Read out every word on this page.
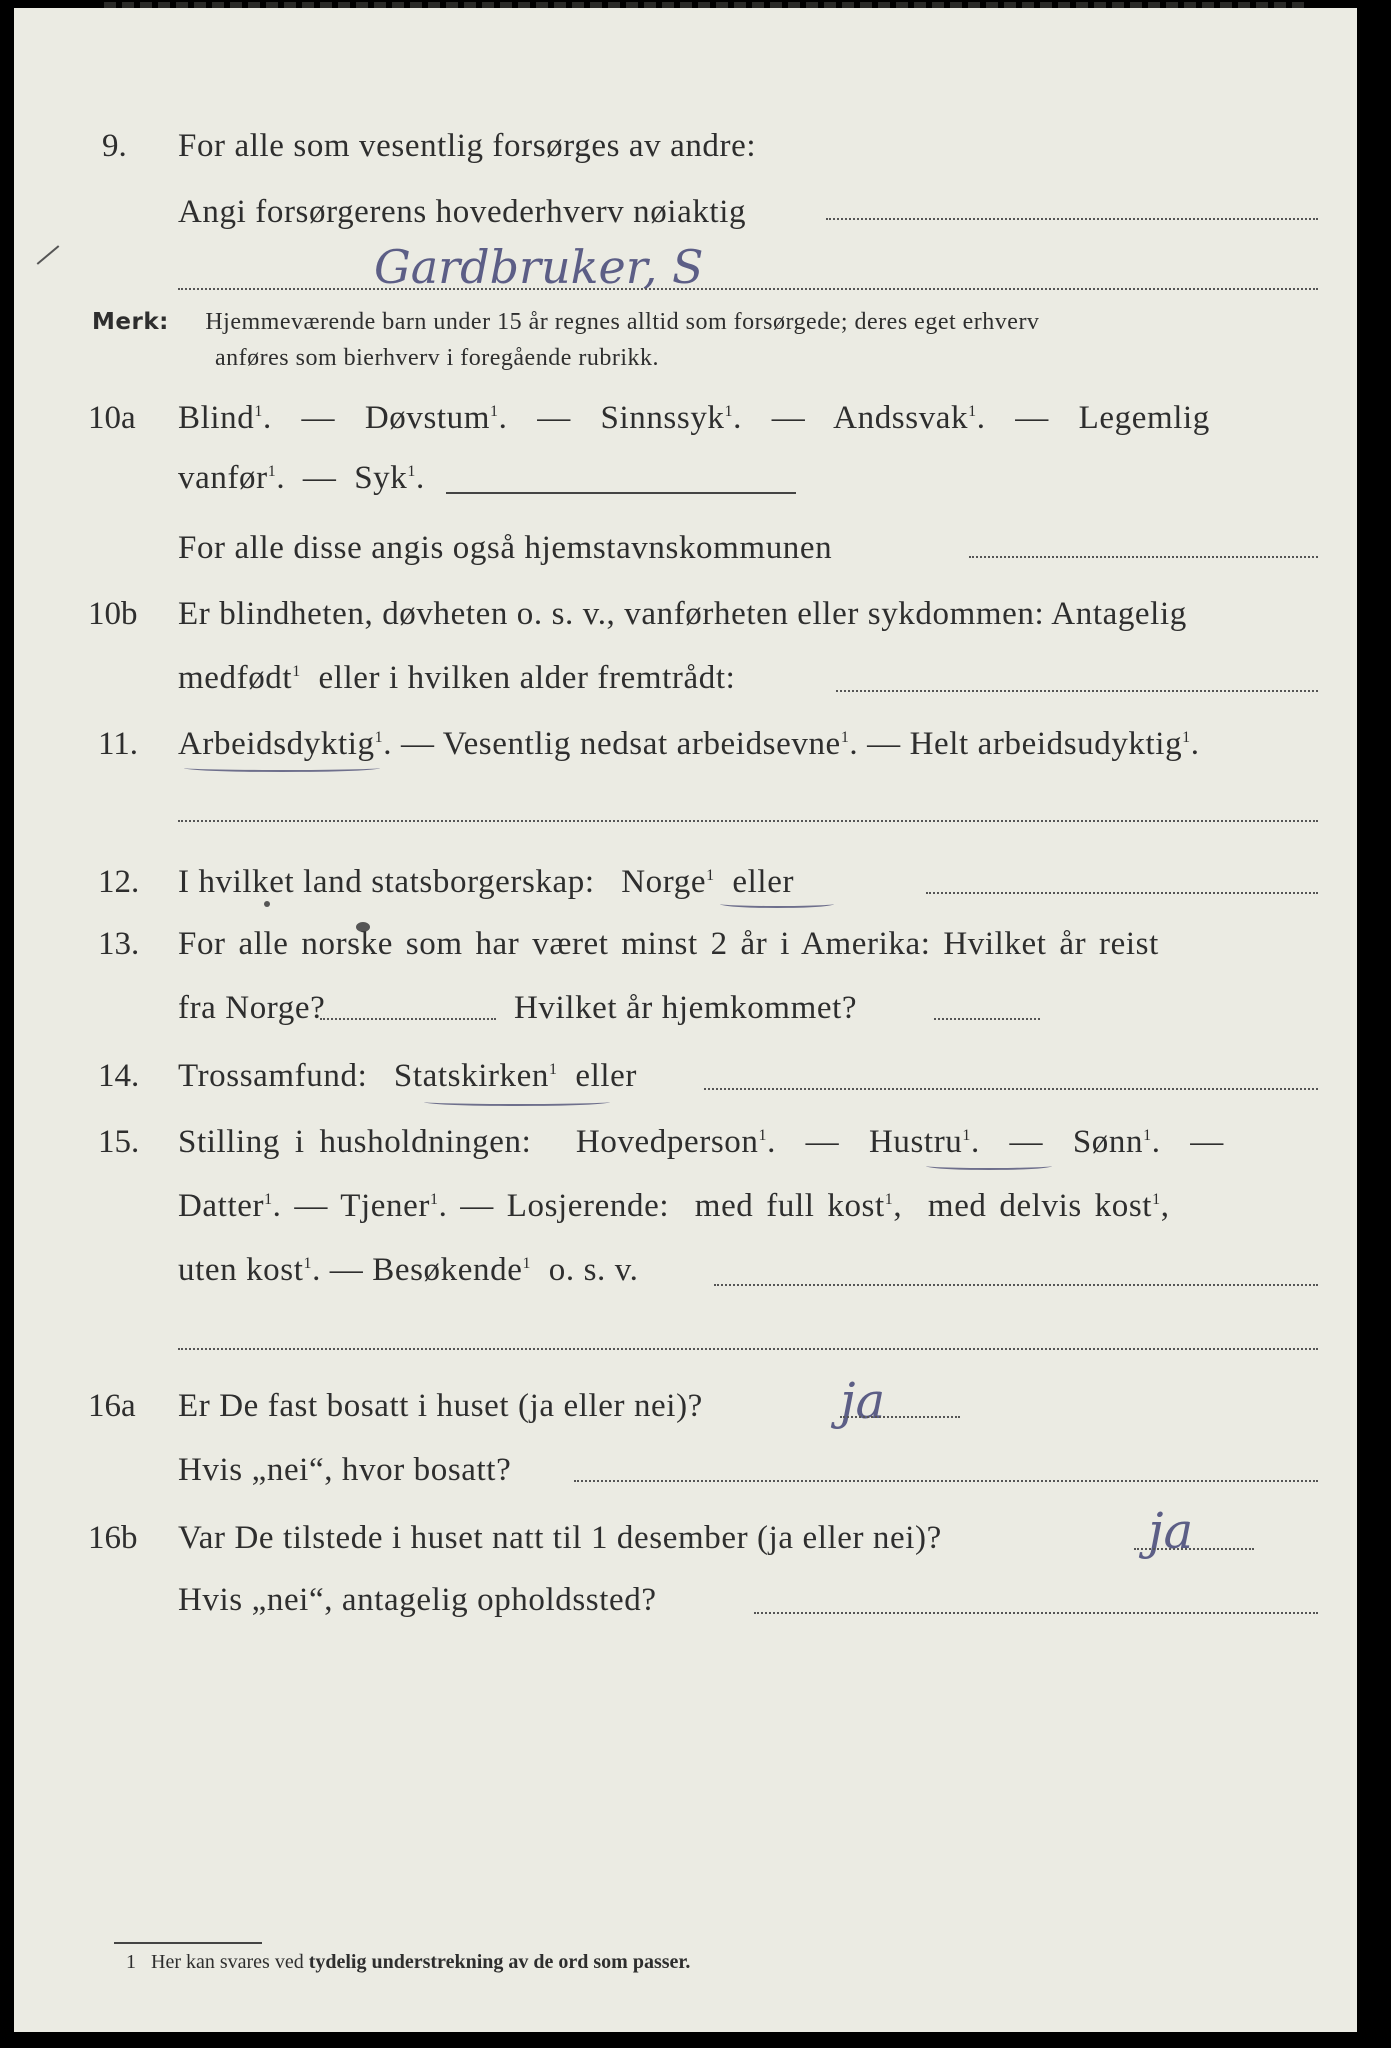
9. For alle som vesentlig forsørges av andre:
Angi forsørgerens hovederhverv nøiaktig
Gardbruker, S
Merk: Hjemmeværende barn under 15 år regnes alltid som forsørgede; deres eget erhverv
anføres som bierhverv i foregående rubrikk.
10a Blind$^1$.  —  Døvstum$^1$.  —  Sinnssyk$^1$.  —  Andssvak$^1$.  —  Legemlig
vanfør$^1$.  —  Syk$^1$.
For alle disse angis også hjemstavnskommunen
10b Er blindheten, døvheten o. s. v., vanførheten eller sykdommen: Antagelig
medfødt$^1$ eller i hvilken alder fremtrådt:
11. Arbeidsdyktig$^1$. — Vesentlig nedsat arbeidsevne$^1$. — Helt arbeidsudyktig$^1$.
12. I hvilket land statsborgerskap: Norge$^1$ eller
13. For alle norske som har været minst 2 år i Amerika: Hvilket år reist
fra Norge?	Hvilket år hjemkommet?
14. Trossamfund: Statskirken$^1$ eller
15. Stilling i husholdningen: Hovedperson$^1$.  —  Hustru$^1$.  —  Sønn$^1$.  —
Datter$^1$. — Tjener$^1$. — Losjerende: med full kost$^1$,  med delvis kost$^1$,
uten kost$^1$. — Besøkende$^1$ o. s. v.
16a Er De fast bosatt i huset (ja eller nei)?	ja
Hvis „nei“, hvor bosatt?
16b Var De tilstede i huset natt til 1 desember (ja eller nei)?	ja
Hvis „nei“, antagelig opholdssted?
1 Her kan svares ved tydelig understrekning av de ord som passer.
